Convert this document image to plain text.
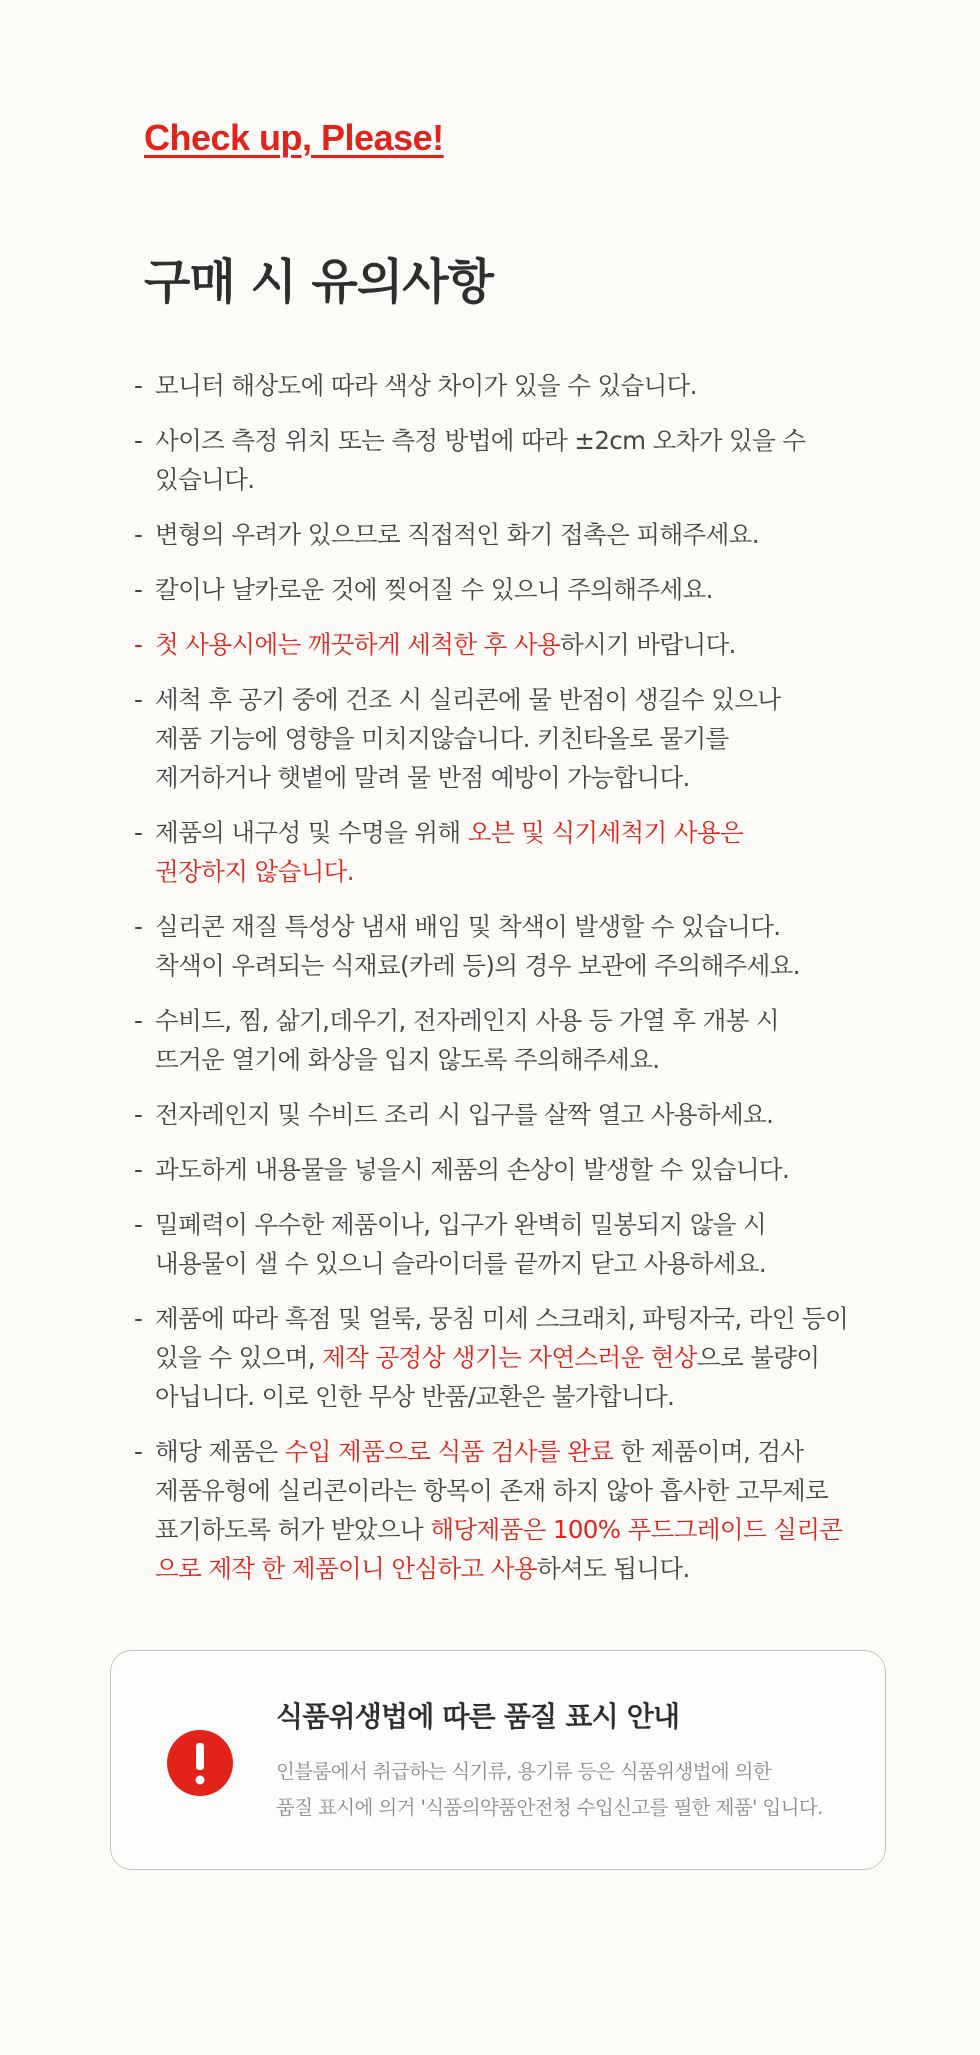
Check up, Please!
구매 시 유의사항
- 모니터 해상도에 따라 색상 차이가 있을 수 있습니다.
- 사이즈 측정 위치 또는 측정 방법에 따라 ±2cm 오차가 있을 수
있습니다.
- 변형의 우려가 있으므로 직접적인 화기 접촉은 피해주세요.
- 칼이나 날카로운 것에 찢어질 수 있으니 주의해주세요.
- 첫 사용시에는 깨끗하게 세척한 후 사용하시기 바랍니다.
- 세척 후 공기 중에 건조 시 실리콘에 물 반점이 생길수 있으나
제품 기능에 영향을 미치지않습니다. 키친타올로 물기를
제거하거나 햇볕에 말려 물 반점 예방이 가능합니다.
- 제품의 내구성 및 수명을 위해 오븐 및 식기세척기 사용은
권장하지 않습니다.
- 실리콘 재질 특성상 냄새 배임 및 착색이 발생할 수 있습니다.
착색이 우려되는 식재료(카레 등)의 경우 보관에 주의해주세요.
- 수비드, 찜, 삶기,데우기, 전자레인지 사용 등 가열 후 개봉 시
뜨거운 열기에 화상을 입지 않도록 주의해주세요.
- 전자레인지 및 수비드 조리 시 입구를 살짝 열고 사용하세요.
- 과도하게 내용물을 넣을시 제품의 손상이 발생할 수 있습니다.
- 밀폐력이 우수한 제품이나, 입구가 완벽히 밀봉되지 않을 시
내용물이 샐 수 있으니 슬라이더를 끝까지 닫고 사용하세요.
- 제품에 따라 흑점 및 얼룩, 뭉침 미세 스크래치, 파팅자국, 라인 등이
있을 수 있으며, 제작 공정상 생기는 자연스러운 현상으로 불량이
아닙니다. 이로 인한 무상 반품/교환은 불가합니다.
- 해당 제품은 수입 제품으로 식품 검사를 완료 한 제품이며, 검사
제품유형에 실리콘이라는 항목이 존재 하지 않아 흡사한 고무제로
표기하도록 허가 받았으나 해당제품은 100% 푸드그레이드 실리콘
으로 제작 한 제품이니 안심하고 사용하셔도 됩니다.
식품위생법에 따른 품질 표시 안내

인블룸에서 취급하는 식기류, 용기류 등은 식품위생법에 의한
품질 표시에 의거 '식품의약품안전청 수입신고를 필한 제품' 입니다.
